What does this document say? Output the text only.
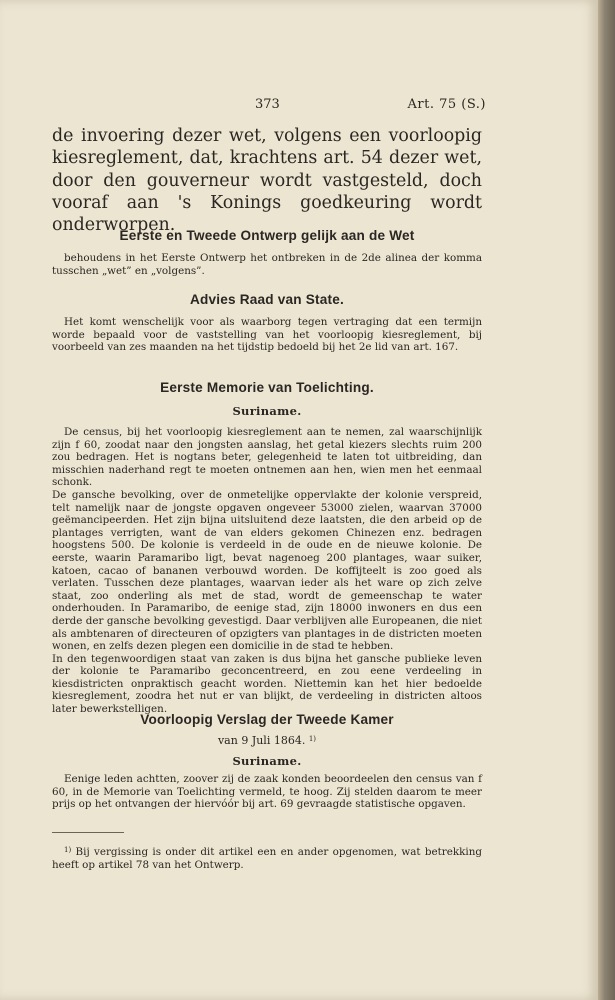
373	Art. 75 (S.)

de invoering dezer wet, volgens een voorloopig kiesreglement, dat, krachtens art. 54 dezer wet, door den gouverneur wordt vastgesteld, doch vooraf aan 's Konings goedkeuring wordt onderworpen.

Eerste en Tweede Ontwerp gelijk aan de Wet

behoudens in het Eerste Ontwerp het ontbreken in de 2de alinea der komma tusschen „wet” en „volgens”.

Advies Raad van State.

Het komt wenschelijk voor als waarborg tegen vertraging dat een termijn worde bepaald voor de vaststelling van het voorloopig kiesreglement, bij voorbeeld van zes maanden na het tijdstip bedoeld bij het 2e lid van art. 167.

Eerste Memorie van Toelichting.
Suriname.

De census, bij het voorloopig kiesreglement aan te nemen, zal waarschijnlijk zijn f 60, zoodat naar den jongsten aanslag, het getal kiezers slechts ruim 200 zou bedragen. Het is nogtans beter, gelegenheid te laten tot uitbreiding, dan misschien naderhand regt te moeten ontnemen aan hen, wien men het eenmaal schonk.

De gansche bevolking, over de onmetelijke oppervlakte der kolonie verspreid, telt namelijk naar de jongste opgaven ongeveer 53000 zielen, waarvan 37000 geëmancipeerden. Het zijn bijna uitsluitend deze laatsten, die den arbeid op de plantages verrigten, want de van elders gekomen Chinezen enz. bedragen hoogstens 500. De kolonie is verdeeld in de oude en de nieuwe kolonie. De eerste, waarin Paramaribo ligt, bevat nagenoeg 200 plantages, waar suiker, katoen, cacao of bananen verbouwd worden. De koffijteelt is zoo goed als verlaten. Tusschen deze plantages, waarvan ieder als het ware op zich zelve staat, zoo onderling als met de stad, wordt de gemeenschap te water onderhouden. In Paramaribo, de eenige stad, zijn 18000 inwoners en dus een derde der gansche bevolking gevestigd. Daar verblijven alle Europeanen, die niet als ambtenaren of directeuren of opzigters van plantages in de districten moeten wonen, en zelfs dezen plegen een domicilie in de stad te hebben.

In den tegenwoordigen staat van zaken is dus bijna het gansche publieke leven der kolonie te Paramaribo geconcentreerd, en zou eene verdeeling in kiesdistricten onpraktisch geacht worden. Niettemin kan het hier bedoelde kiesreglement, zoodra het nut er van blijkt, de verdeeling in districten altoos later bewerkstelligen.

Voorloopig Verslag der Tweede Kamer
van 9 Juli 1864. $^{1)}$
Suriname.

Eenige leden achtten, zoover zij de zaak konden beoordeelen den census van f 60, in de Memorie van Toelichting vermeld, te hoog. Zij stelden daarom te meer prijs op het ontvangen der hiervóór bij art. 69 gevraagde statistische opgaven.

$^{1)}$ Bij vergissing is onder dit artikel een en ander opgenomen, wat betrekking heeft op artikel 78 van het Ontwerp.
